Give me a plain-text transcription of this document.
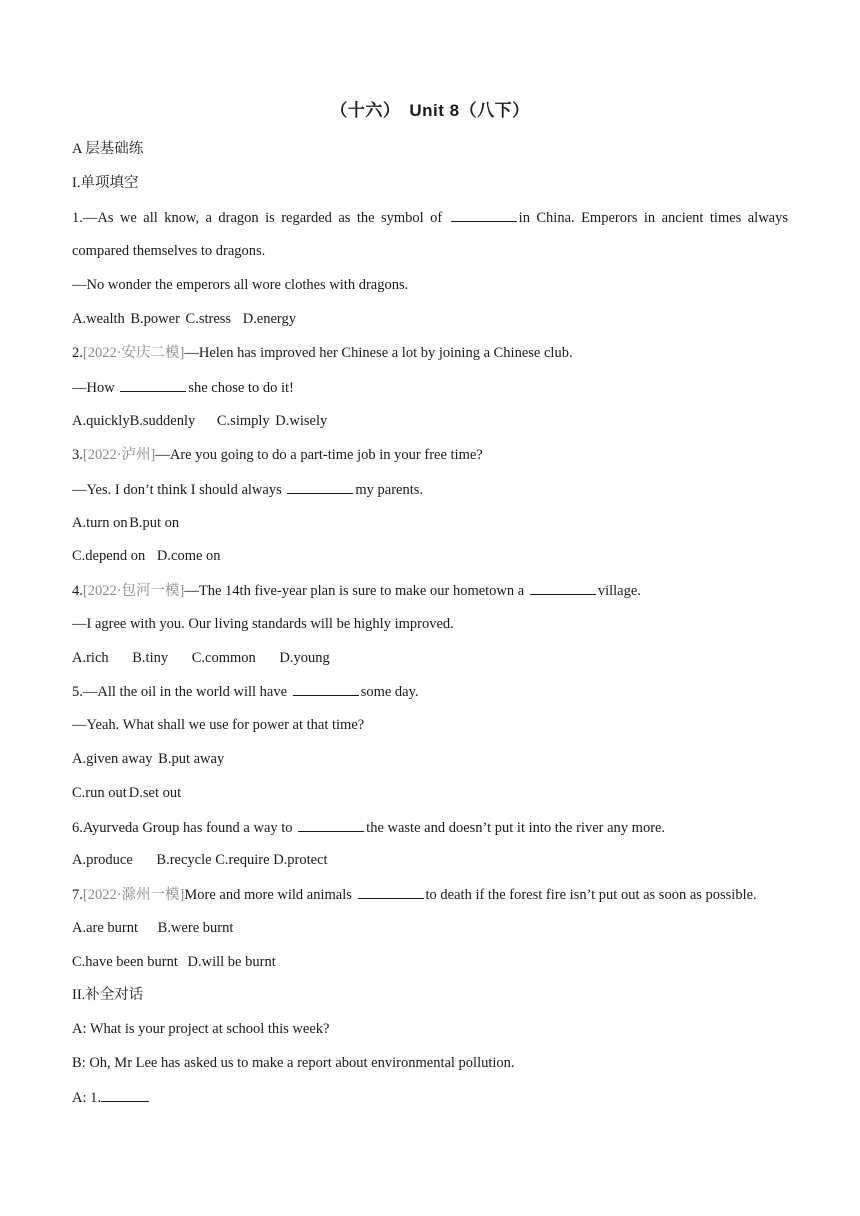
（十六）　Unit 8（八下）
A 层基础练
I.单项填空
1.—As we all know, a dragon is regarded as the symbol of	in China. Emperors in ancient times always
compared themselves to dragons.
—No wonder the emperors all wore clothes with dragons.
A.wealth B.power C.stress D.energy
2.[2022·安庆二模]—Helen has improved her Chinese a lot by joining a Chinese club.
—How	she chose to do it!
A.quicklyB.suddenly C.simply D.wisely
3.[2022·泸州]—Are you going to do a part-time job in your free time?
—Yes. I don’t think I should always	my parents.
A.turn on B.put on
C.depend on D.come on
4.[2022·包河一模]—The 14th five-year plan is sure to make our hometown a	village.
—I agree with you. Our living standards will be highly improved.
A.rich B.tiny C.common D.young
5.—All the oil in the world will have	some day.
—Yeah. What shall we use for power at that time?
A.given away B.put away
C.run out D.set out
6.Ayurveda Group has found a way to	the waste and doesn’t put it into the river any more.
A.produce B.recycle C.require D.protect
7.[2022·滁州一模]More and more wild animals	to death if the forest fire isn’t put out as soon as possible.
A.are burnt B.were burnt
C.have been burnt D.will be burnt
II.补全对话
A: What is your project at school this week?
B: Oh, Mr Lee has asked us to make a report about environmental pollution.
A: 1.
